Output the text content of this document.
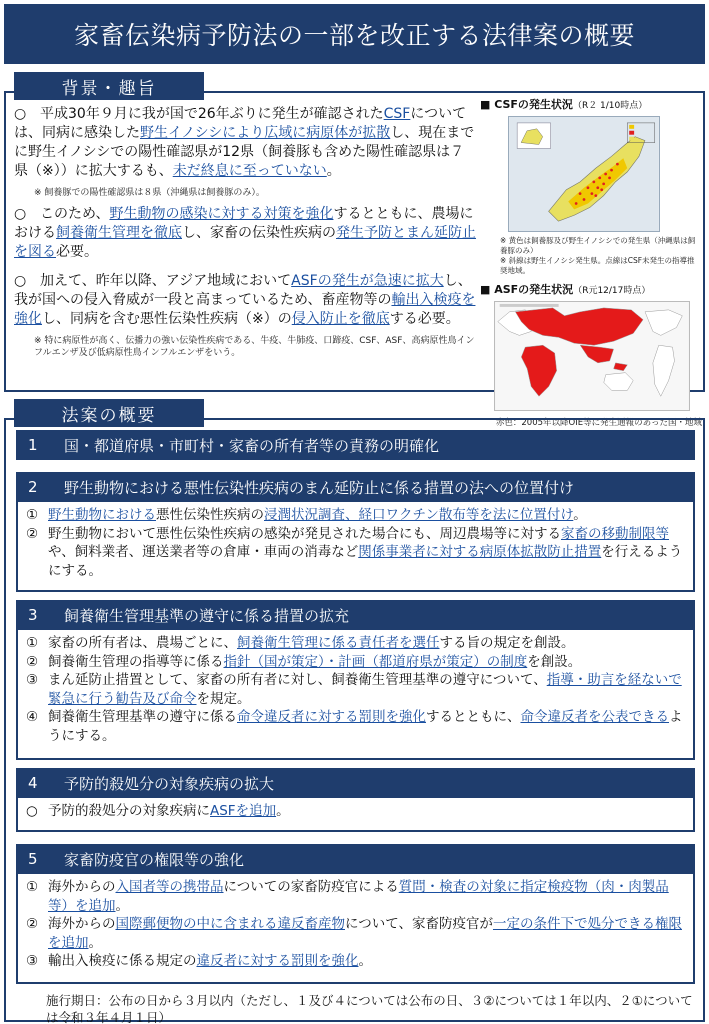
家畜伝染病予防法の一部を改正する法律案の概要
○ 平成30年９月に我が国で26年ぶりに発生が確認されたCSFについては、同病に感染した野生イノシシにより広域に病原体が拡散し、現在までに野生イノシシでの陽性確認県が12県（飼養豚も含めた陽性確認県は７県（※））に拡大するも、未だ終息に至っていない。
※ 飼養豚での陽性確認県は８県（沖縄県は飼養豚のみ）。
○ このため、野生動物の感染に対する対策を強化するとともに、農場における飼養衛生管理を徹底し、家畜の伝染性疾病の発生予防とまん延防止を図る必要。
○ 加えて、昨年以降、アジア地域においてASFの発生が急速に拡大し、我が国への侵入脅威が一段と高まっているため、畜産物等の輸出入検疫を強化し、同病を含む悪性伝染性疾病（※）の侵入防止を徹底する必要。
※ 特に病原性が高く、伝播力の強い伝染性疾病である、牛疫、牛肺疫、口蹄疫、CSF、ASF、高病原性鳥インフルエンザ及び低病原性鳥インフルエンザをいう。
■ CSFの発生状況（R２ 1/10時点）
※ 黄色は飼養豚及び野生イノシシでの発生県（沖縄県は飼養豚のみ）
※ 斜線は野生イノシシ発生県。点線はCSF未発生の指導推奨地域。
■ ASFの発生状況（R元12/17時点）
赤色：2005年以降OIE等に発生通報のあった国・地域
背景・趣旨
1	国・都道府県・市町村・家畜の所有者等の責務の明確化
2	野生動物における悪性伝染性疾病のまん延防止に係る措置の法への位置付け
① 野生動物における悪性伝染性疾病の浸潤状況調査、経口ワクチン散布等を法に位置付け。
② 野生動物において悪性伝染性疾病の感染が発見された場合にも、周辺農場等に対する家畜の移動制限等や、飼料業者、運送業者等の倉庫・車両の消毒など関係事業者に対する病原体拡散防止措置を行えるようにする。
3	飼養衛生管理基準の遵守に係る措置の拡充
① 家畜の所有者は、農場ごとに、飼養衛生管理に係る責任者を選任する旨の規定を創設。
② 飼養衛生管理の指導等に係る指針（国が策定）・計画（都道府県が策定）の制度を創設。
③ まん延防止措置として、家畜の所有者に対し、飼養衛生管理基準の遵守について、指導・助言を経ないで緊急に行う勧告及び命令を規定。
④ 飼養衛生管理基準の遵守に係る命令違反者に対する罰則を強化するとともに、命令違反者を公表できるようにする。
4	予防的殺処分の対象疾病の拡大
○ 予防的殺処分の対象疾病にASFを追加。
5	家畜防疫官の権限等の強化
① 海外からの入国者等の携帯品についての家畜防疫官による質問・検査の対象に指定検疫物（肉・肉製品等）を追加。
② 海外からの国際郵便物の中に含まれる違反畜産物について、家畜防疫官が一定の条件下で処分できる権限を追加。
③ 輸出入検疫に係る規定の違反者に対する罰則を強化。
施行期日：公布の日から３月以内（ただし、１及び４については公布の日、３②については１年以内、２①については令和３年４月１日）
法案の概要
